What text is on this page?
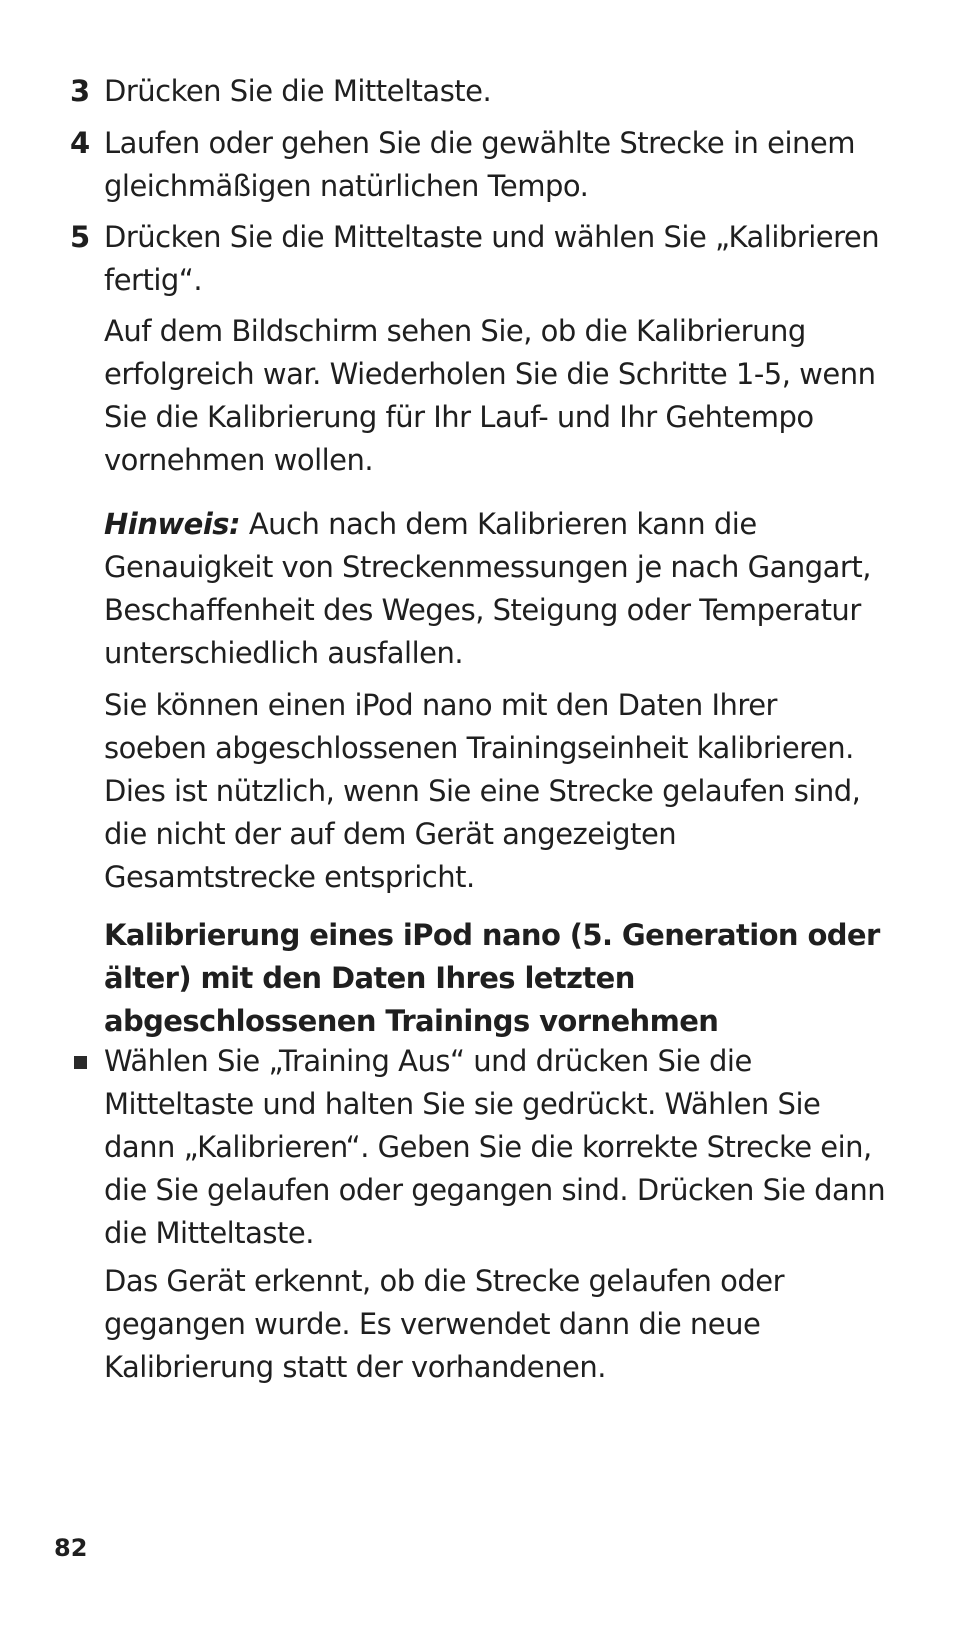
3 Drücken Sie die Mitteltaste.
4 Laufen oder gehen Sie die gewählte Strecke in einem gleichmäßigen natürlichen Tempo.
5 Drücken Sie die Mitteltaste und wählen Sie „Kalibrieren fertig“.

Auf dem Bildschirm sehen Sie, ob die Kalibrierung erfolgreich war. Wiederholen Sie die Schritte 1-5, wenn Sie die Kalibrierung für Ihr Lauf- und Ihr Gehtempo vornehmen wollen.

Hinweis: Auch nach dem Kalibrieren kann die Genauigkeit von Streckenmessungen je nach Gangart, Beschaffenheit des Weges, Steigung oder Temperatur unterschiedlich ausfallen.

Sie können einen iPod nano mit den Daten Ihrer soeben abgeschlossenen Trainingseinheit kalibrieren. Dies ist nützlich, wenn Sie eine Strecke gelaufen sind, die nicht der auf dem Gerät angezeigten Gesamtstrecke entspricht.

Kalibrierung eines iPod nano (5. Generation oder älter) mit den Daten Ihres letzten abgeschlossenen Trainings vornehmen

Wählen Sie „Training Aus“ und drücken Sie die Mitteltaste und halten Sie sie gedrückt. Wählen Sie dann „Kalibrieren“. Geben Sie die korrekte Strecke ein, die Sie gelaufen oder gegangen sind. Drücken Sie dann die Mitteltaste.

Das Gerät erkennt, ob die Strecke gelaufen oder gegangen wurde. Es verwendet dann die neue Kalibrierung statt der vorhandenen.

82
